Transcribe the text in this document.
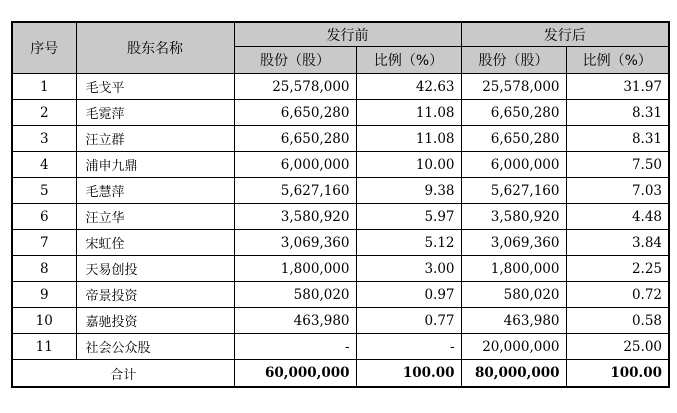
序号	股东名称	发行前		发行后	
		股份（股）	比例（%）	股份（股）	比例（%）
1	毛戈平	25,578,000	42.63	25,578,000	31.97
2	毛霓萍	6,650,280	11.08	6,650,280	8.31
3	汪立群	6,650,280	11.08	6,650,280	8.31
4	浦申九鼎	6,000,000	10.00	6,000,000	7.50
5	毛慧萍	5,627,160	9.38	5,627,160	7.03
6	汪立华	3,580,920	5.97	3,580,920	4.48
7	宋虹佺	3,069,360	5.12	3,069,360	3.84
8	天易创投	1,800,000	3.00	1,800,000	2.25
9	帝景投资	580,020	0.97	580,020	0.72
10	嘉驰投资	463,980	0.77	463,980	0.58
11	社会公众股	-	-	20,000,000	25.00
合计		60,000,000	100.00	80,000,000	100.00
